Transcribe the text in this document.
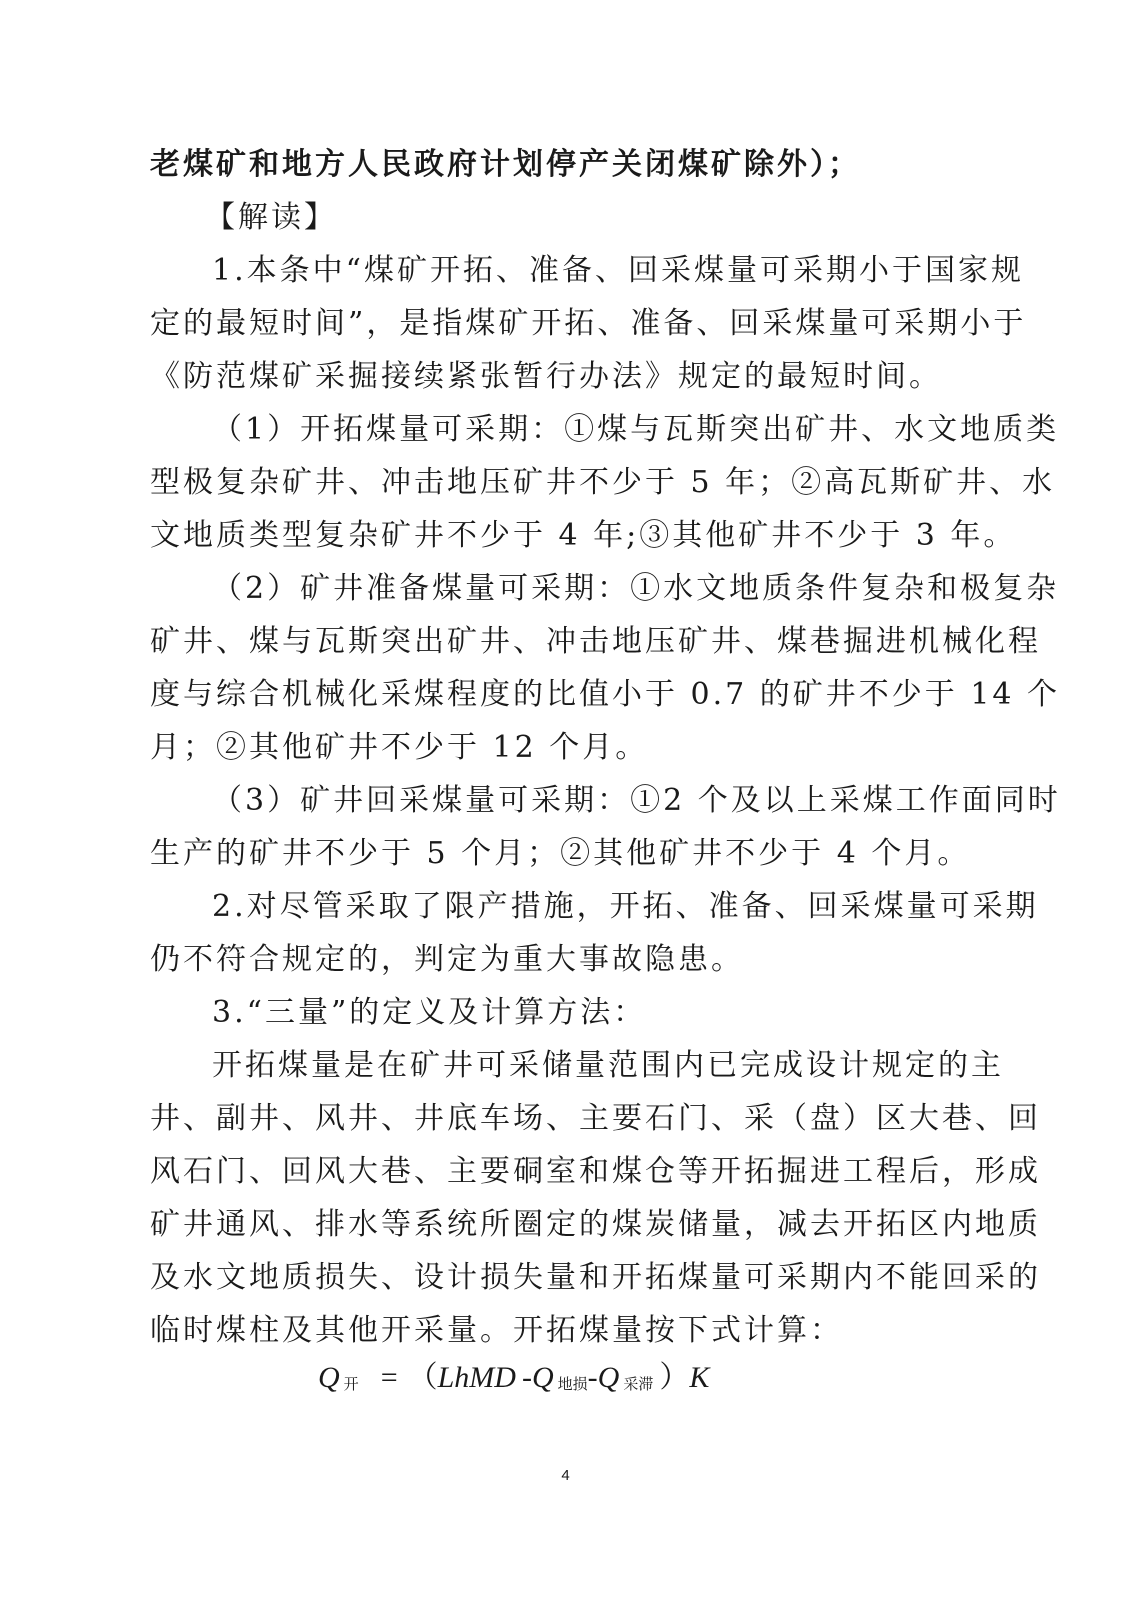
老煤矿和地方人民政府计划停产关闭煤矿除外）；
【解读】
1.本条中“煤矿开拓、准备、回采煤量可采期小于国家规
定的最短时间”，是指煤矿开拓、准备、回采煤量可采期小于
《防范煤矿采掘接续紧张暂行办法》规定的最短时间。
（1）开拓煤量可采期：①煤与瓦斯突出矿井、水文地质类
型极复杂矿井、冲击地压矿井不少于 5 年；②高瓦斯矿井、水
文地质类型复杂矿井不少于 4 年;③其他矿井不少于 3 年。
（2）矿井准备煤量可采期：①水文地质条件复杂和极复杂
矿井、煤与瓦斯突出矿井、冲击地压矿井、煤巷掘进机械化程
度与综合机械化采煤程度的比值小于 0.7 的矿井不少于 14 个
月；②其他矿井不少于 12 个月。
（3）矿井回采煤量可采期：①2 个及以上采煤工作面同时
生产的矿井不少于 5 个月；②其他矿井不少于 4 个月。
2.对尽管采取了限产措施，开拓、准备、回采煤量可采期
仍不符合规定的，判定为重大事故隐患。
3.“三量”的定义及计算方法：
开拓煤量是在矿井可采储量范围内已完成设计规定的主
井、副井、风井、井底车场、主要石门、采（盘）区大巷、回
风石门、回风大巷、主要硐室和煤仓等开拓掘进工程后，形成
矿井通风、排水等系统所圈定的煤炭储量，减去开拓区内地质
及水文地质损失、设计损失量和开拓煤量可采期内不能回采的
临时煤柱及其他开采量。开拓煤量按下式计算：
Q开 = （LhMD -Q 地损-Q 采滞 ）K
4
